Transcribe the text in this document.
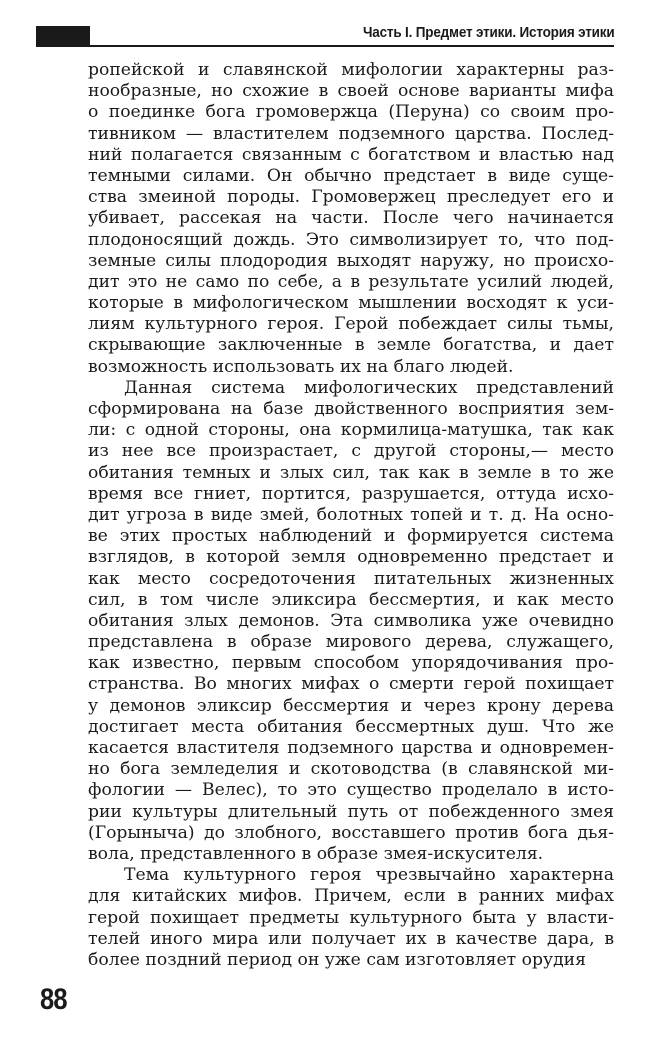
Часть I. Предмет этики. История этики
ропейской и славянской мифологии характерны раз-
нообразные, но схожие в своей основе варианты мифа
о поединке бога громовержца (Перуна) со своим про-
тивником — властителем подземного царства. Послед-
ний полагается связанным с богатством и властью над
темными силами. Он обычно предстает в виде суще-
ства змеиной породы. Громовержец преследует его и
убивает, рассекая на части. После чего начинается
плодоносящий дождь. Это символизирует то, что под-
земные силы плодородия выходят наружу, но происхо-
дит это не само по себе, а в результате усилий людей,
которые в мифологическом мышлении восходят к уси-
лиям культурного героя. Герой побеждает силы тьмы,
скрывающие заключенные в земле богатства, и дает
возможность использовать их на благо людей.
Данная система мифологических представлений
сформирована на базе двойственного восприятия зем-
ли: с одной стороны, она кормилица-матушка, так как
из нее все произрастает, с другой стороны,— место
обитания темных и злых сил, так как в земле в то же
время все гниет, портится, разрушается, оттуда исхо-
дит угроза в виде змей, болотных топей и т. д. На осно-
ве этих простых наблюдений и формируется система
взглядов, в которой земля одновременно предстает и
как место сосредоточения питательных жизненных
сил, в том числе эликсира бессмертия, и как место
обитания злых демонов. Эта символика уже очевидно
представлена в образе мирового дерева, служащего,
как известно, первым способом упорядочивания про-
странства. Во многих мифах о смерти герой похищает
у демонов эликсир бессмертия и через крону дерева
достигает места обитания бессмертных душ. Что же
касается властителя подземного царства и одновремен-
но бога земледелия и скотоводства (в славянской ми-
фологии — Велес), то это существо проделало в исто-
рии культуры длительный путь от побежденного змея
(Горыныча) до злобного, восставшего против бога дья-
вола, представленного в образе змея-искусителя.
Тема культурного героя чрезвычайно характерна
для китайских мифов. Причем, если в ранних мифах
герой похищает предметы культурного быта у власти-
телей иного мира или получает их в качестве дара, в
более поздний период он уже сам изготовляет орудия
88
